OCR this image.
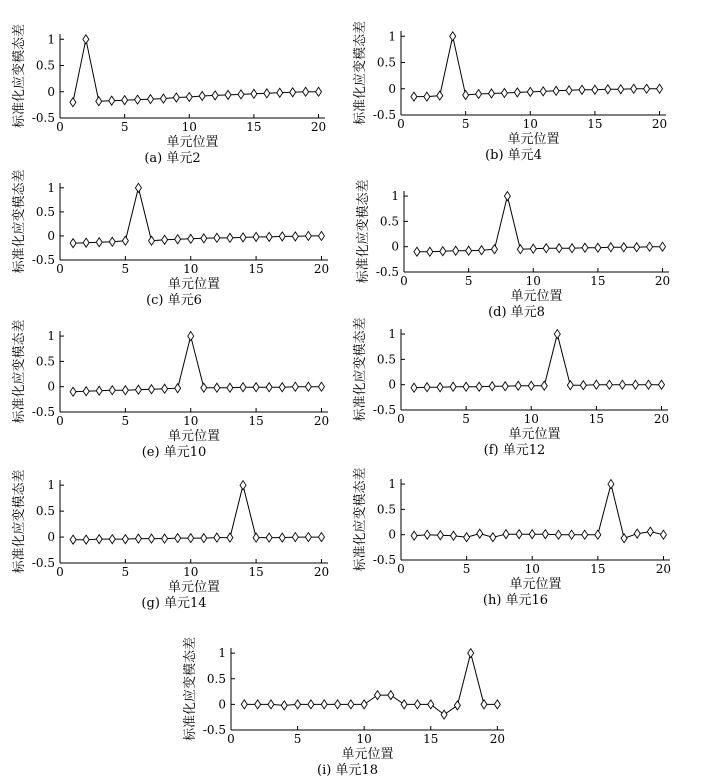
-0.5
0
0.5
1
0	5	10	15	20
标准化应变模态差
单元位置
(a) 单元2
-0.5
0
0.5
1
0	5	10	15	20
标准化应变模态差
单元位置
(b) 单元4
-0.5
0
0.5
1
0	5	10	15	20
标准化应变模态差
单元位置
(c) 单元6
-0.5
0
0.5
1
0	5	10	15	20
标准化应变模态差
单元位置
(d) 单元8
-0.5
0
0.5
1
0	5	10	15	20
标准化应变模态差
单元位置
(e) 单元10
-0.5
0
0.5
1
0	5	10	15	20
标准化应变模态差
单元位置
(f) 单元12
-0.5
0
0.5
1
0	5	10	15	20
标准化应变模态差
单元位置
(g) 单元14
-0.5
0
0.5
1
0	5	10	15	20
标准化应变模态差
单元位置
(h) 单元16
-0.5
0
0.5
1
0	5	10	15	20
标准化应变模态差
单元位置
(i) 单元18
